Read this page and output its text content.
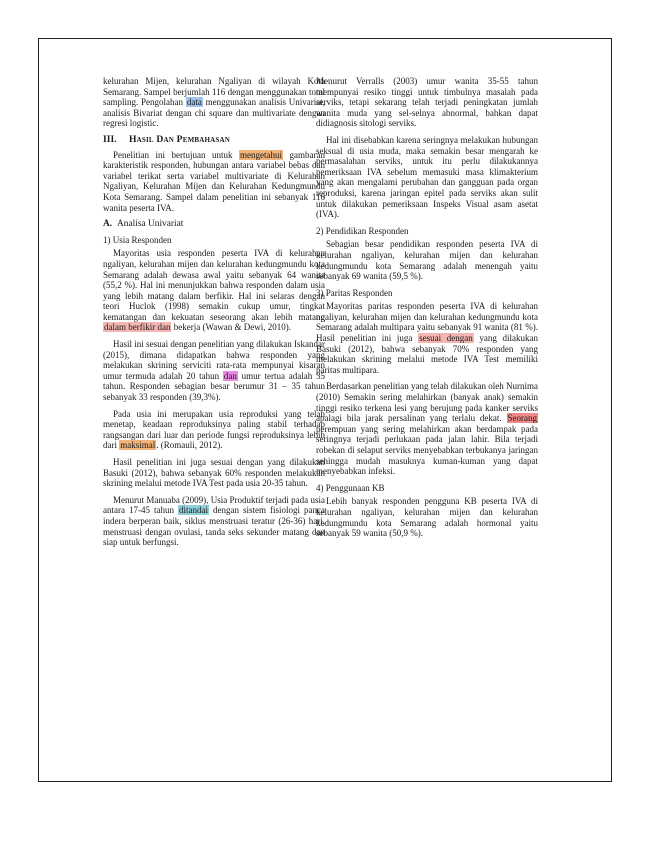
kelurahan Mijen, kelurahan Ngaliyan di wilayah Kota Semarang. Sampel berjumlah 116 dengan menggunakan total sampling. Pengolahan data menggunakan analisis Univariat, analisis Bivariat dengan chi square dan multivariate dengan regresi logistic.

III. Hasil Dan Pembahasan

Penelitian ini bertujuan untuk mengetahui gambaran karakteristik responden, hubungan antara variabel bebas dan variabel terikat serta variabel multivariate di Kelurahan Ngaliyan, Kelurahan Mijen dan Kelurahan Kedungmundu Kota Semarang. Sampel dalam penelitian ini sebanyak 116 wanita peserta IVA.

A. Analisa Univariat
1) Usia Responden

Mayoritas usia responden peserta IVA di kelurahan ngaliyan, kelurahan mijen dan kelurahan kedungmundu kota Semarang adalah dewasa awal yaitu sebanyak 64 wanita (55,2 %). Hal ini menunjukkan bahwa responden dalam usia yang lebih matang dalam berfikir. Hal ini selaras dengan teori Huclok (1998) semakin cukup umur, tingkat kematangan dan kekuatan seseorang akan lebih matang dalam berfikir dan bekerja (Wawan & Dewi, 2010).

Hasil ini sesuai dengan penelitian yang dilakukan Iskandar (2015), dimana didapatkan bahwa responden yang melakukan skrining serviciti rata-rata mempunyai kisaran umur termuda adalah 20 tahun dan umur tertua adalah 35 tahun. Responden sebagian besar berumur 31 – 35 tahun sebanyak 33 responden (39,3%).

Pada usia ini merupakan usia reproduksi yang telah menetap, keadaan reproduksinya paling stabil terhadap rangsangan dari luar dan periode fungsi reproduksinya lebih dari maksimal. (Romauli, 2012).

Hasil penelitian ini juga sesuai dengan yang dilakukan Basuki (2012), bahwa sebanyak 60% responden melakukan skrining melalui metode IVA Test pada usia 20-35 tahun.

Menurut Manuaba (2009), Usia Produktif terjadi pada usia antara 17-45 tahun ditandai dengan sistem fisiologi panca indera berperan baik, siklus menstruasi teratur (26-36) hari, menstruasi dengan ovulasi, tanda seks sekunder matang dan siap untuk berfungsi.

Menurut Verralls (2003) umur wanita 35-55 tahun mempunyai resiko tinggi untuk timbulnya masalah pada serviks, tetapi sekarang telah terjadi peningkatan jumlah wanita muda yang sel-selnya abnormal, bahkan dapat didiagnosis sitologi serviks.

Hal ini disebabkan karena seringnya melakukan hubungan seksual di usia muda, maka semakin besar mengarah ke permasalahan serviks, untuk itu perlu dilakukannya pemeriksaan IVA sebelum memasuki masa klimakterium yang akan mengalami perubahan dan gangguan pada organ reproduksi, karena jaringan epitel pada serviks akan sulit untuk dilakukan pemeriksaan Inspeks Visual asam asetat (IVA).

2) Pendidikan Responden

Sebagian besar pendidikan responden peserta IVA di kelurahan ngaliyan, kelurahan mijen dan kelurahan kedungmundu kota Semarang adalah menengah yaitu sebanyak 69 wanita (59,5 %).

3) Paritas Responden

Mayoritas paritas responden peserta IVA di kelurahan ngaliyan, kelurahan mijen dan kelurahan kedungmundu kota Semarang adalah multipara yaitu sebanyak 91 wanita (81 %). Hasil penelitian ini juga sesuai dengan yang dilakukan Basuki (2012), bahwa sebanyak 70% responden yang melakukan skrining melalui metode IVA Test memiliki paritas multipara.

Berdasarkan penelitian yang telah dilakukan oleh Nurnima (2010) Semakin sering melahirkan (banyak anak) semakin tinggi resiko terkena lesi yang berujung pada kanker serviks apalagi bila jarak persalinan yang terlalu dekat. Seorang perempuan yang sering melahirkan akan berdampak pada seringnya terjadi perlukaan pada jalan lahir. Bila terjadi robekan di selaput serviks menyebabkan terbukanya jaringan sehingga mudah masuknya kuman-kuman yang dapat menyebabkan infeksi.

4) Penggunaan KB

Lebih banyak responden pengguna KB peserta IVA di kelurahan ngaliyan, kelurahan mijen dan kelurahan kedungmundu kota Semarang adalah hormonal yaitu sebanyak 59 wanita (50,9 %).
